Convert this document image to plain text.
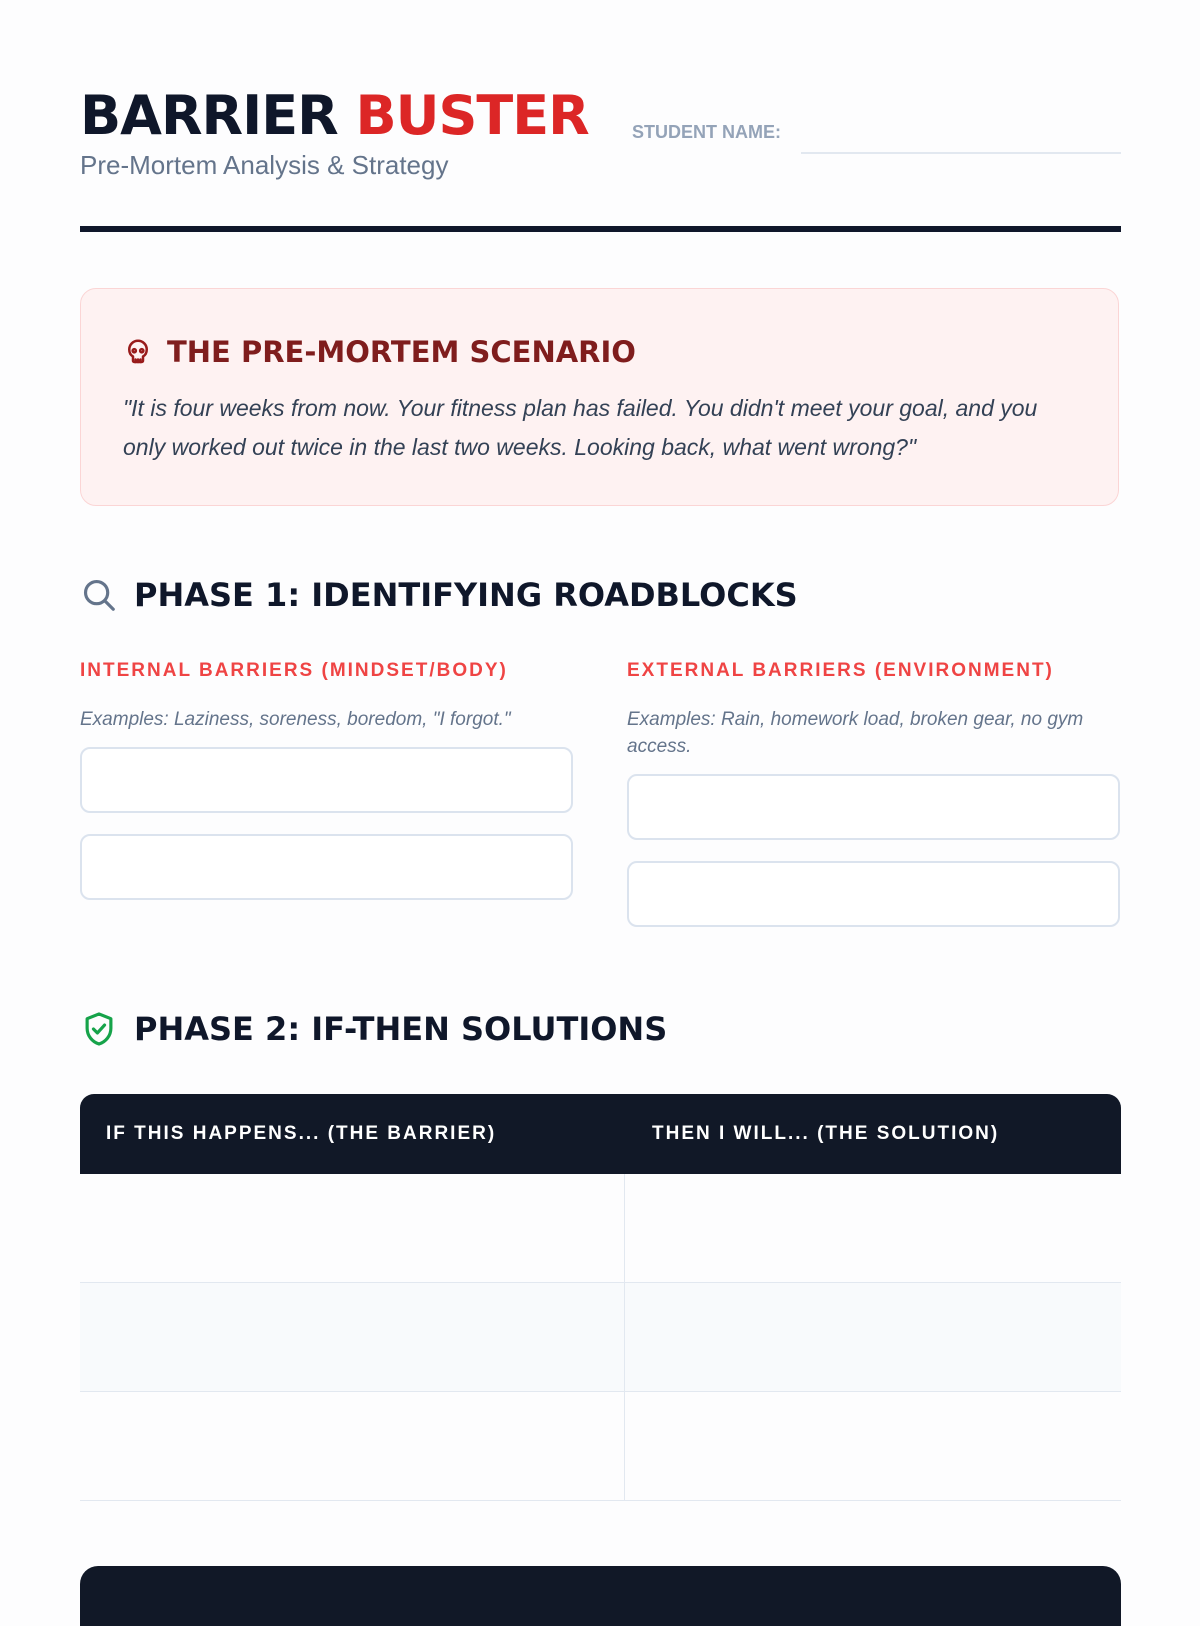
BARRIER BUSTER
Pre-Mortem Analysis & Strategy
STUDENT NAME:
THE PRE-MORTEM SCENARIO

"It is four weeks from now. Your fitness plan has failed. You didn't meet your goal, and you only worked out twice in the last two weeks. Looking back, what went wrong?"

PHASE 1: IDENTIFYING ROADBLOCKS
INTERNAL BARRIERS (MINDSET/BODY)
Examples: Laziness, soreness, boredom, "I forgot."
EXTERNAL BARRIERS (ENVIRONMENT)
Examples: Rain, homework load, broken gear, no gym access.
PHASE 2: IF-THEN SOLUTIONS
IF THIS HAPPENS... (THE BARRIER)	THEN I WILL... (THE SOLUTION)
